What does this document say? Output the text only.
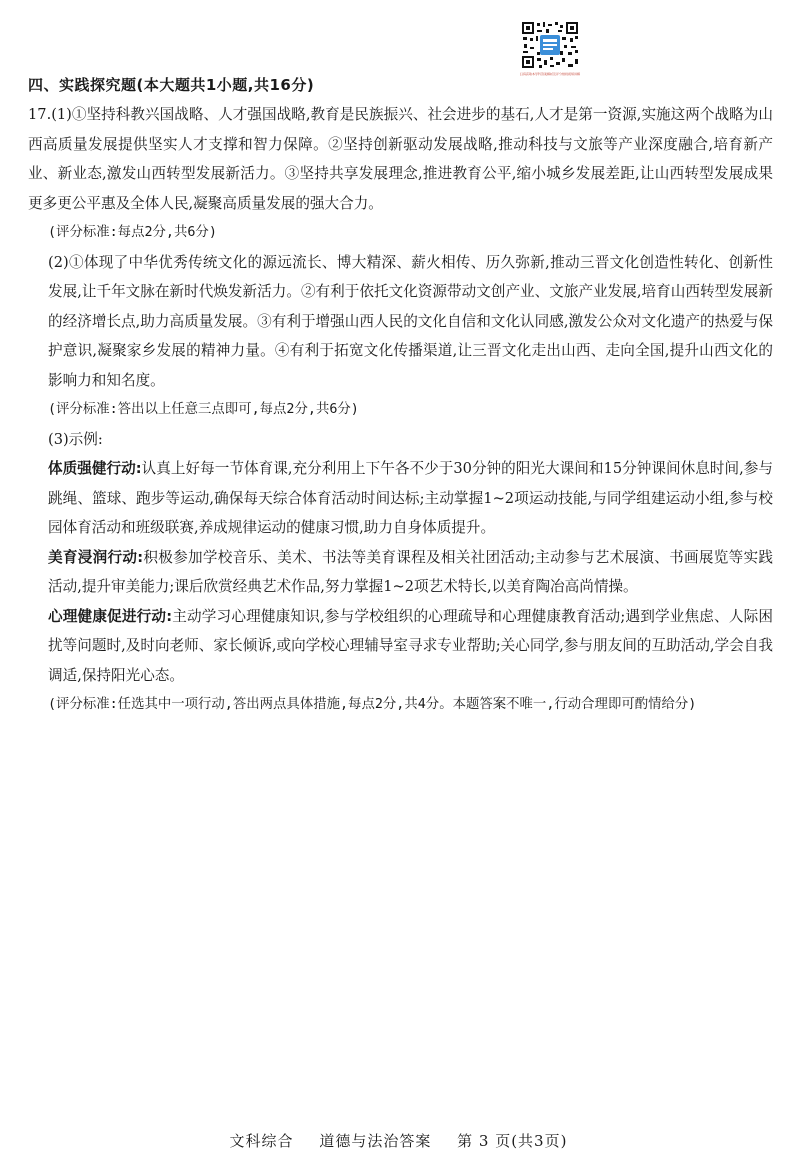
扫码获取本学科答案解析及评分细则视频讲解
四、实践探究题(本大题共1小题,共16分)

17.(1)①坚持科教兴国战略、人才强国战略,教育是民族振兴、社会进步的基石,人才是第一资源,实施这两个战略为山西高质量发展提供坚实人才支撑和智力保障。②坚持创新驱动发展战略,推动科技与文旅等产业深度融合,培育新产业、新业态,激发山西转型发展新活力。③坚持共享发展理念,推进教育公平,缩小城乡发展差距,让山西转型发展成果更多更公平惠及全体人民,凝聚高质量发展的强大合力。

(评分标准:每点2分,共6分)

(2)①体现了中华优秀传统文化的源远流长、博大精深、薪火相传、历久弥新,推动三晋文化创造性转化、创新性发展,让千年文脉在新时代焕发新活力。②有利于依托文化资源带动文创产业、文旅产业发展,培育山西转型发展新的经济增长点,助力高质量发展。③有利于增强山西人民的文化自信和文化认同感,激发公众对文化遗产的热爱与保护意识,凝聚家乡发展的精神力量。④有利于拓宽文化传播渠道,让三晋文化走出山西、走向全国,提升山西文化的影响力和知名度。

(评分标准:答出以上任意三点即可,每点2分,共6分)

(3)示例:

体质强健行动:认真上好每一节体育课,充分利用上下午各不少于30分钟的阳光大课间和15分钟课间休息时间,参与跳绳、篮球、跑步等运动,确保每天综合体育活动时间达标;主动掌握1~2项运动技能,与同学组建运动小组,参与校园体育活动和班级联赛,养成规律运动的健康习惯,助力自身体质提升。

美育浸润行动:积极参加学校音乐、美术、书法等美育课程及相关社团活动;主动参与艺术展演、书画展览等实践活动,提升审美能力;课后欣赏经典艺术作品,努力掌握1~2项艺术特长,以美育陶冶高尚情操。

心理健康促进行动:主动学习心理健康知识,参与学校组织的心理疏导和心理健康教育活动;遇到学业焦虑、人际困扰等问题时,及时向老师、家长倾诉,或向学校心理辅导室寻求专业帮助;关心同学,参与朋友间的互助活动,学会自我调适,保持阳光心态。

(评分标准:任选其中一项行动,答出两点具体措施,每点2分,共4分。本题答案不唯一,行动合理即可酌情给分)

文科综合 道德与法治答案 第 3 页(共3页)
